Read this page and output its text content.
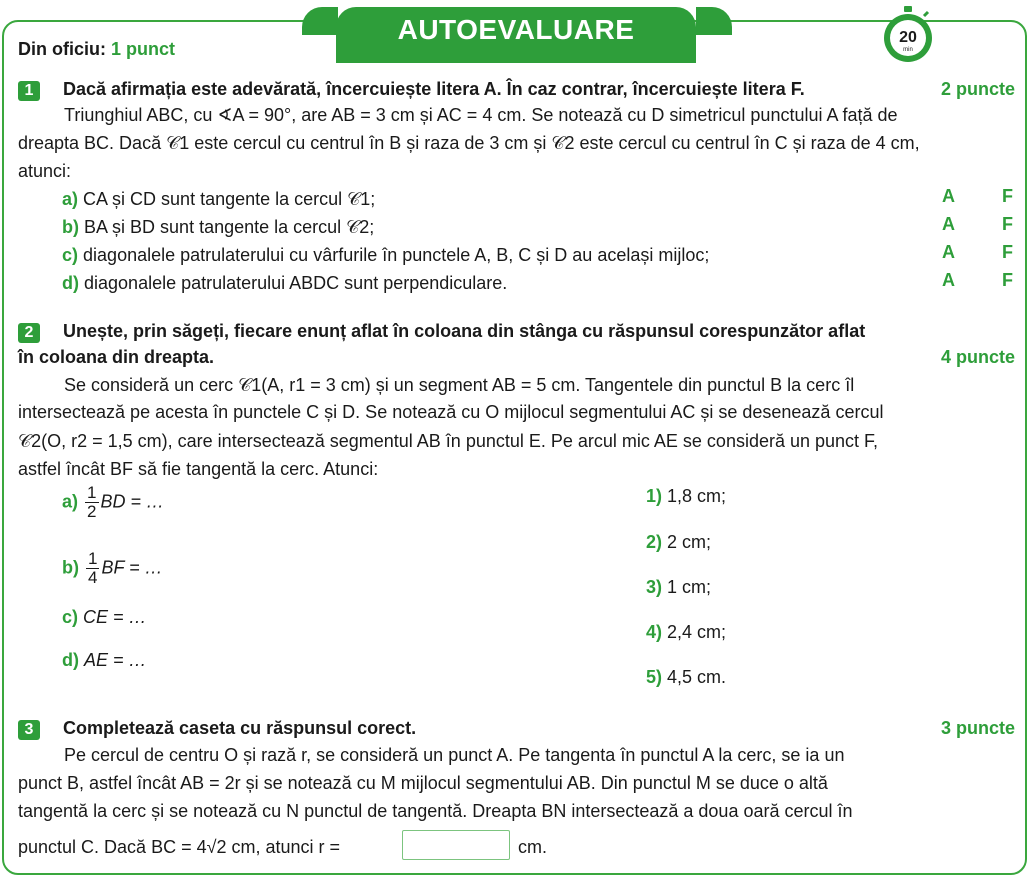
AUTOEVALUARE	20
min
Din oficiu: 1 punct
1 Dacă afirmația este adevărată, încercuiește litera A. În caz contrar, încercuiește litera F.	2 puncte
Triunghiul ABC, cu ∢A = 90°, are AB = 3 cm și AC = 4 cm. Se notează cu D simetricul punctului A față de
dreapta BC. Dacă 𝒞1 este cercul cu centrul în B și raza de 3 cm și 𝒞2 este cercul cu centrul în C și raza de 4 cm,
atunci:
a) CA și CD sunt tangente la cercul 𝒞1;	A	F
b) BA și BD sunt tangente la cercul 𝒞2;	A	F
c) diagonalele patrulaterului cu vârfurile în punctele A, B, C și D au același mijloc;	A	F
d) diagonalele patrulaterului ABDC sunt perpendiculare.	A	F
2 Unește, prin săgeți, fiecare enunț aflat în coloana din stânga cu răspunsul corespunzător aflat
în coloana din dreapta.	4 puncte
Se consideră un cerc 𝒞1(A, r1 = 3 cm) și un segment AB = 5 cm. Tangentele din punctul B la cerc îl
intersectează pe acesta în punctele C și D. Se notează cu O mijlocul segmentului AC și se desenează cercul
𝒞2(O, r2 = 1,5 cm), care intersectează segmentul AB în punctul E. Pe arcul mic AE se consideră un punct F,
astfel încât BF să fie tangentă la cerc. Atunci:
$a) \frac{1}{2}$ BD = …
$b) \frac{1}{4}$ BF = …
c) CE = …
d) AE = …
1) 1,8 cm;
2) 2 cm;
3) 1 cm;
4) 2,4 cm;
5) 4,5 cm.
3 Completează caseta cu răspunsul corect.	3 puncte
Pe cercul de centru O și rază r, se consideră un punct A. Pe tangenta în punctul A la cerc, se ia un
punct B, astfel încât AB = 2r și se notează cu M mijlocul segmentului AB. Din punctul M se duce o altă
tangentă la cerc și se notează cu N punctul de tangentă. Dreapta BN intersectează a doua oară cercul în
punctul C. Dacă BC = 4√2 cm, atunci r =	cm.
